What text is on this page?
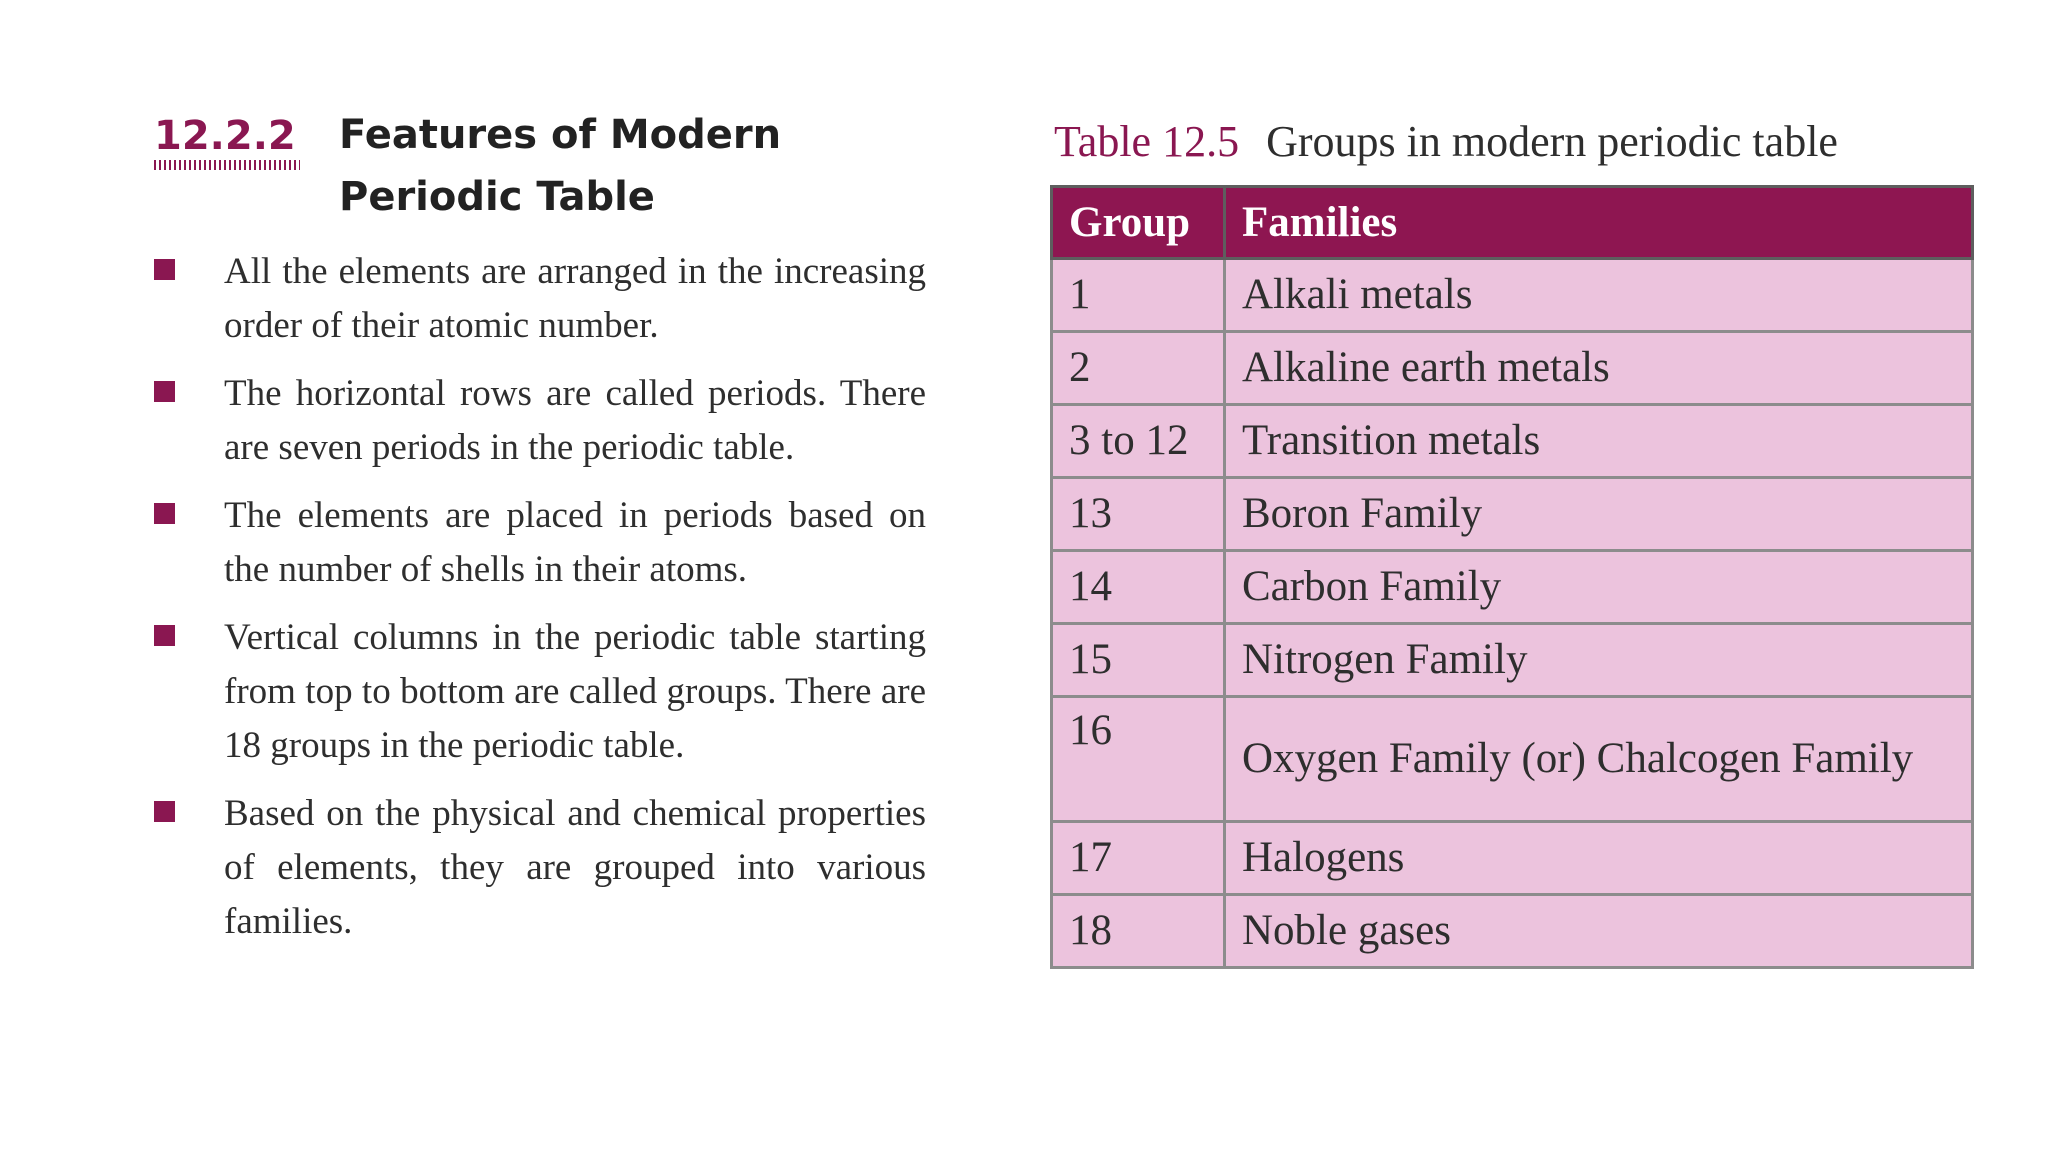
12.2.2	Features of Modern Periodic Table
All the elements are arranged in the increasing order of their atomic number.
The horizontal rows are called periods. There are seven periods in the periodic table.
The elements are placed in periods based on the number of shells in their atoms.
Vertical columns in the periodic table starting from top to bottom are called groups. There are 18 groups in the periodic table.
Based on the physical and chemical properties of elements, they are grouped into various families.
Table 12.5 Groups in modern periodic table
Group	Families
1	Alkali metals
2	Alkaline earth metals
3 to 12	Transition metals
13	Boron Family
14	Carbon Family
15	Nitrogen Family
16	Oxygen Family (or) Chalcogen Family
17	Halogens
18	Noble gases
